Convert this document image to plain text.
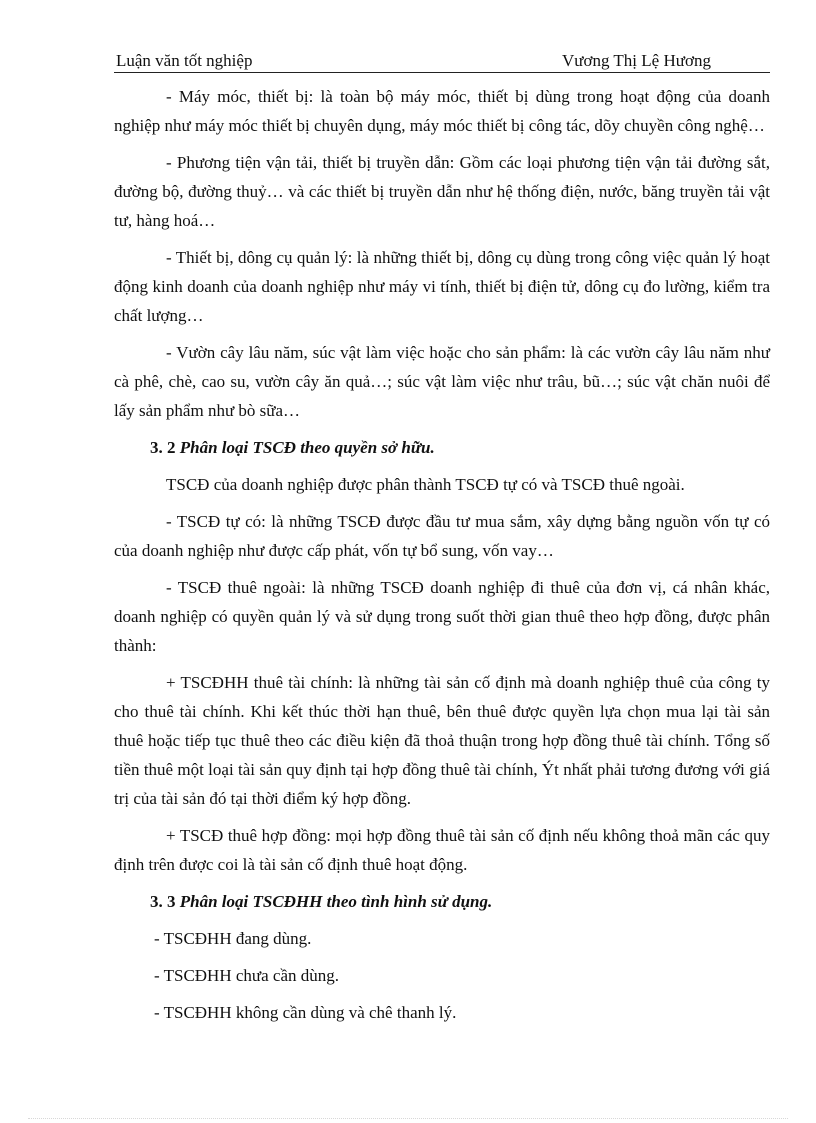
Luận văn tốt nghiệp	Vương Thị Lệ Hương

- Máy móc, thiết bị: là toàn bộ máy móc, thiết bị dùng trong hoạt động của doanh nghiệp như máy móc thiết bị chuyên dụng, máy móc thiết bị công tác, dõy chuyền công nghệ…

- Phương tiện vận tải, thiết bị truyền dẫn: Gồm các loại phương tiện vận tải đường sắt, đường bộ, đường thuỷ… và các thiết bị truyền dẫn như hệ thống điện, nước, băng truyền tải vật tư, hàng hoá…

- Thiết bị, dông cụ quản lý: là những thiết bị, dông cụ dùng trong công việc quản lý hoạt động kinh doanh của doanh nghiệp như máy vi tính, thiết bị điện tử, dông cụ đo lường, kiểm tra chất lượng…

- Vườn cây lâu năm, súc vật làm việc hoặc cho sản phẩm: là các vườn cây lâu năm như cà phê, chè, cao su, vườn cây ăn quả…; súc vật làm việc như trâu, bũ…; súc vật chăn nuôi để lấy sản phẩm như bò sữa…

3. 2 Phân loại TSCĐ theo quyền sở hữu.

TSCĐ của doanh nghiệp được phân thành TSCĐ tự có và TSCĐ thuê ngoài.

- TSCĐ tự có: là những TSCĐ được đầu tư mua sắm, xây dựng bằng nguồn vốn tự có của doanh nghiệp như được cấp phát, vốn tự bổ sung, vốn vay…

- TSCĐ thuê ngoài: là những TSCĐ doanh nghiệp đi thuê của đơn vị, cá nhân khác, doanh nghiệp có quyền quản lý và sử dụng trong suốt thời gian thuê theo hợp đồng, được phân thành:

+ TSCĐHH thuê tài chính: là những tài sản cố định mà doanh nghiệp thuê của công ty cho thuê tài chính. Khi kết thúc thời hạn thuê, bên thuê được quyền lựa chọn mua lại tài sản thuê hoặc tiếp tục thuê theo các điều kiện đã thoả thuận trong hợp đồng thuê tài chính. Tổng số tiền thuê một loại tài sản quy định tại hợp đồng thuê tài chính, Ýt nhất phải tương đương với giá trị của tài sản đó tại thời điểm ký hợp đồng.

+ TSCĐ thuê hợp đồng: mọi hợp đồng thuê tài sản cố định nếu không thoả mãn các quy định trên được coi là tài sản cố định thuê hoạt động.

3. 3 Phân loại TSCĐHH theo tình hình sử dụng.

- TSCĐHH đang dùng.

- TSCĐHH chưa cần dùng.

- TSCĐHH không cần dùng và chê thanh lý.
